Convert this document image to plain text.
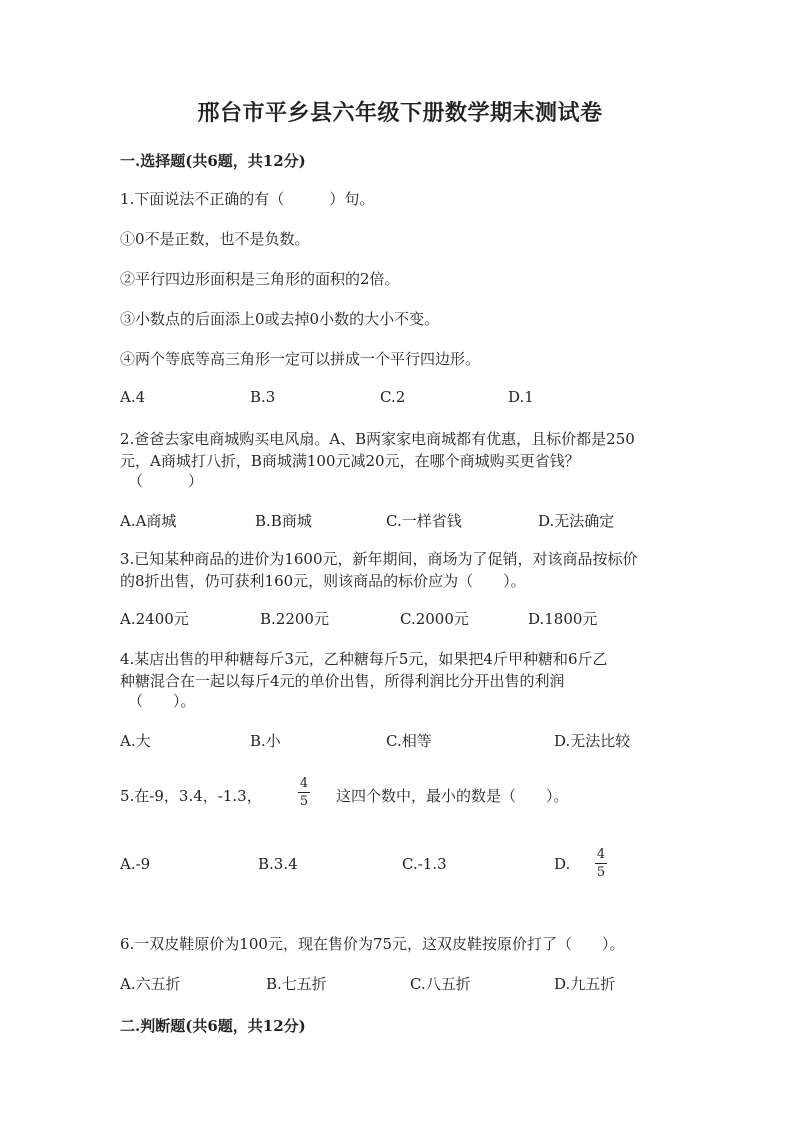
邢台市平乡县六年级下册数学期末测试卷
一.选择题(共6题，共12分)
1.下面说法不正确的有（　　　）句。
①0不是正数，也不是负数。
②平行四边形面积是三角形的面积的2倍。
③小数点的后面添上0或去掉0小数的大小不变。
④两个等底等高三角形一定可以拼成一个平行四边形。
A.4	B.3	C.2	D.1
2.爸爸去家电商城购买电风扇。A、B两家家电商城都有优惠，且标价都是250
元，A商城打八折，B商城满100元减20元，在哪个商城购买更省钱？
（　　　）
A.A商城	B.B商城	C.一样省钱	D.无法确定
3.已知某种商品的进价为1600元，新年期间，商场为了促销，对该商品按标价
的8折出售，仍可获利160元，则该商品的标价应为（　　）。
A.2400元	B.2200元	C.2000元	D.1800元
4.某店出售的甲种糖每斤3元，乙种糖每斤5元，如果把4斤甲种糖和6斤乙
种糖混合在一起以每斤4元的单价出售，所得利润比分开出售的利润
（　　）。
A.大	B.小	C.相等	D.无法比较
5.在-9，3.4，-1.3，
4
5 这四个数中，最小的数是（　　）。
A.-9	B.3.4	C.-1.3	D.
4
5
6.一双皮鞋原价为100元，现在售价为75元，这双皮鞋按原价打了（　　）。
A.六五折	B.七五折	C.八五折	D.九五折
二.判断题(共6题，共12分)
